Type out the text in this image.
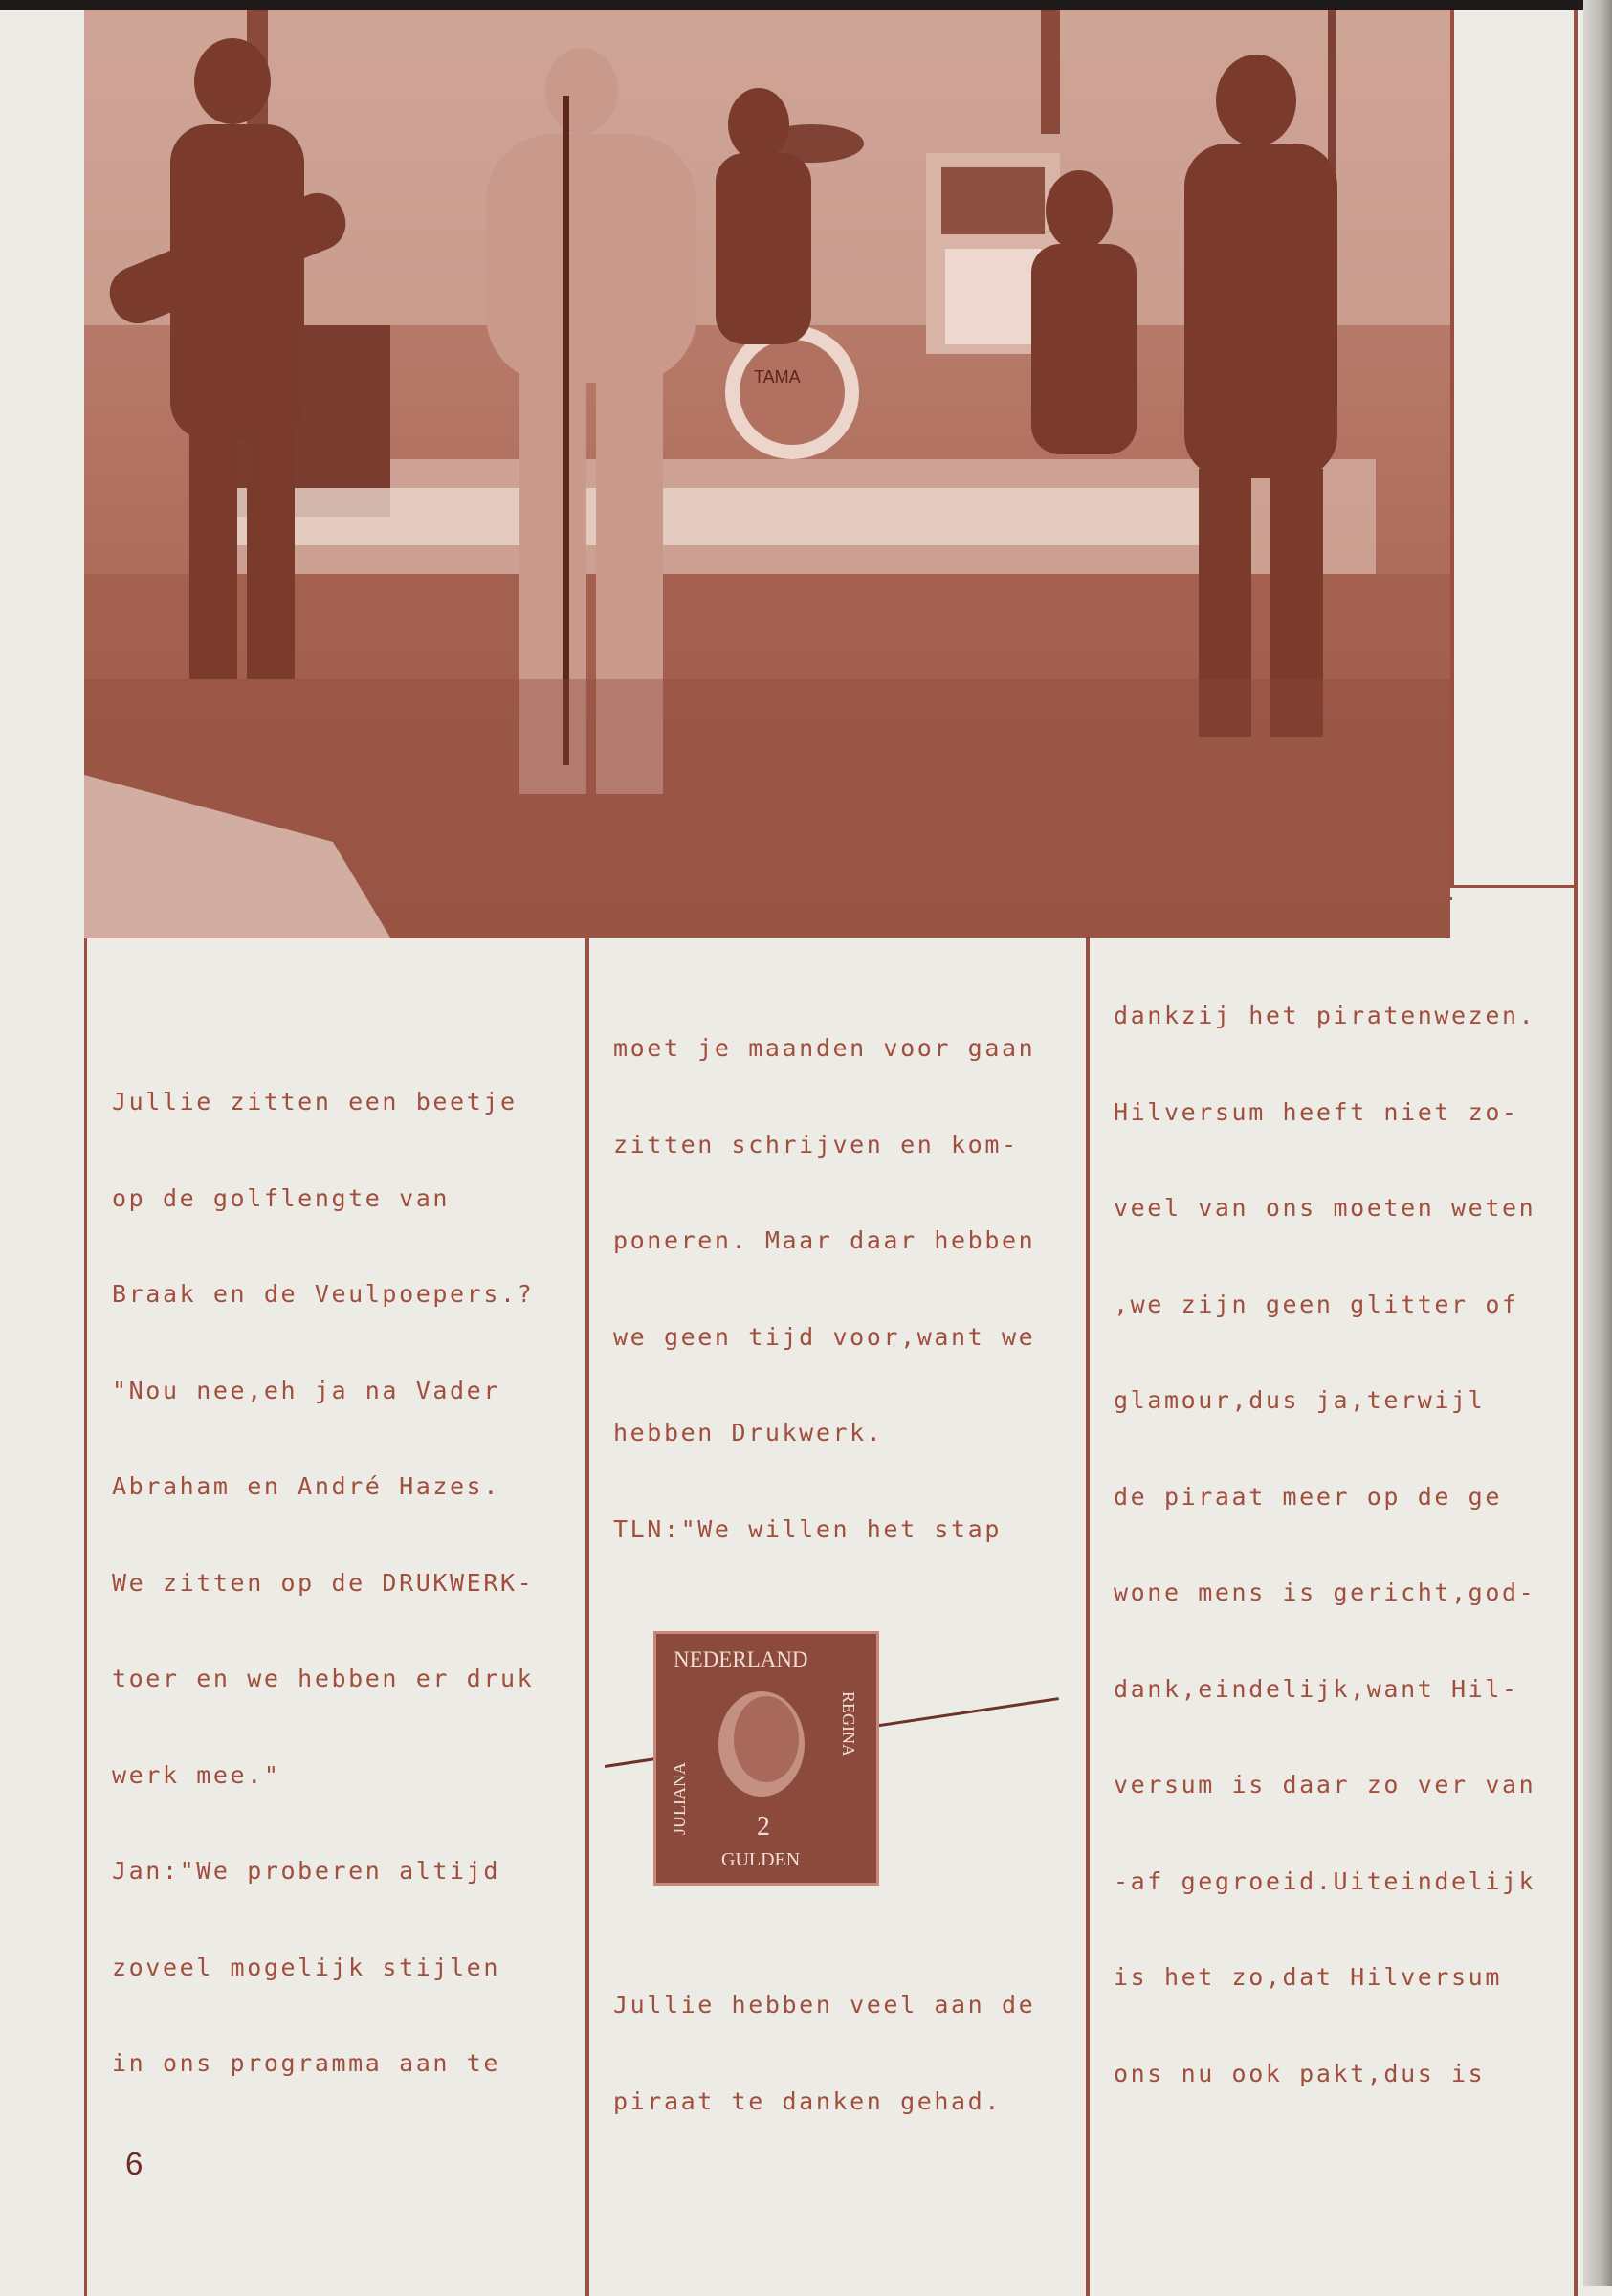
TAMA

Jullie zitten een beetje

op de golflengte van

Braak en de Veulpoepers.?

"Nou nee,eh ja na Vader

Abraham en André Hazes.

We zitten op de DRUKWERK-

toer en we hebben er druk

werk mee."

Jan:"We proberen altijd

zoveel mogelijk stijlen

in ons programma aan te

moet je maanden voor gaan

zitten schrijven en kom-

poneren. Maar daar hebben

we geen tijd voor,want we

hebben Drukwerk.

TLN:"We willen het stap

NEDERLAND
REGINA
JULIANA	2
GULDEN

Jullie hebben veel aan de

piraat te danken gehad.

dankzij het piratenwezen.

Hilversum heeft niet zo-

veel van ons moeten weten

,we zijn geen glitter of

glamour,dus ja,terwijl

de piraat meer op de ge

wone mens is gericht,god-

dank,eindelijk,want Hil-

versum is daar zo ver van

-af gegroeid.Uiteindelijk

is het zo,dat Hilversum

ons nu ook pakt,dus is

6
